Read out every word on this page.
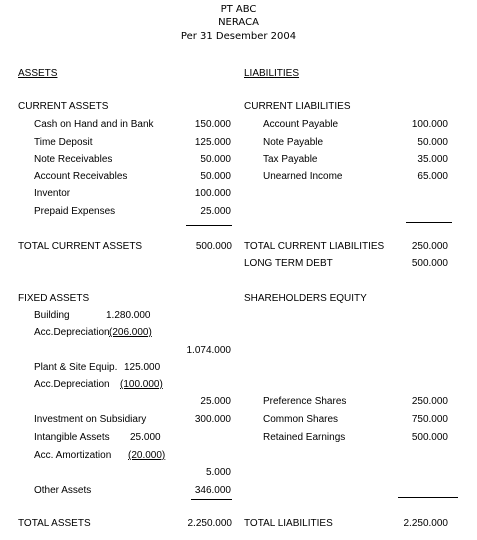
PT ABC
NERACA
Per 31 Desember 2004
ASSETS	LIABILITIES
CURRENT ASSETS
Cash on Hand and in Bank	150.000
Time Deposit	125.000
Note Receivables	50.000
Account Receivables	50.000
Inventor	100.000
Prepaid Expenses	25.000
CURRENT LIABILITIES
Account Payable	100.000
Note Payable	50.000
Tax Payable	35.000
Unearned Income	65.000
TOTAL CURRENT ASSETS	500.000 TOTAL CURRENT LIABILITIES	250.000
LONG TERM DEBT	500.000
FIXED ASSETS
Building	1.280.000
Acc.Depreciation (206.000)
1.074.000
Plant & Site Equip. 125.000
Acc.Depreciation (100.000)
25.000
Investment on Subsidiary	300.000
Intangible Assets 25.000
Acc. Amortization (20.000)
5.000
Other Assets	346.000
SHAREHOLDERS EQUITY
Preference Shares	250.000
Common Shares	750.000
Retained Earnings	500.000
TOTAL ASSETS	2.250.000 TOTAL LIABILITIES	2.250.000
